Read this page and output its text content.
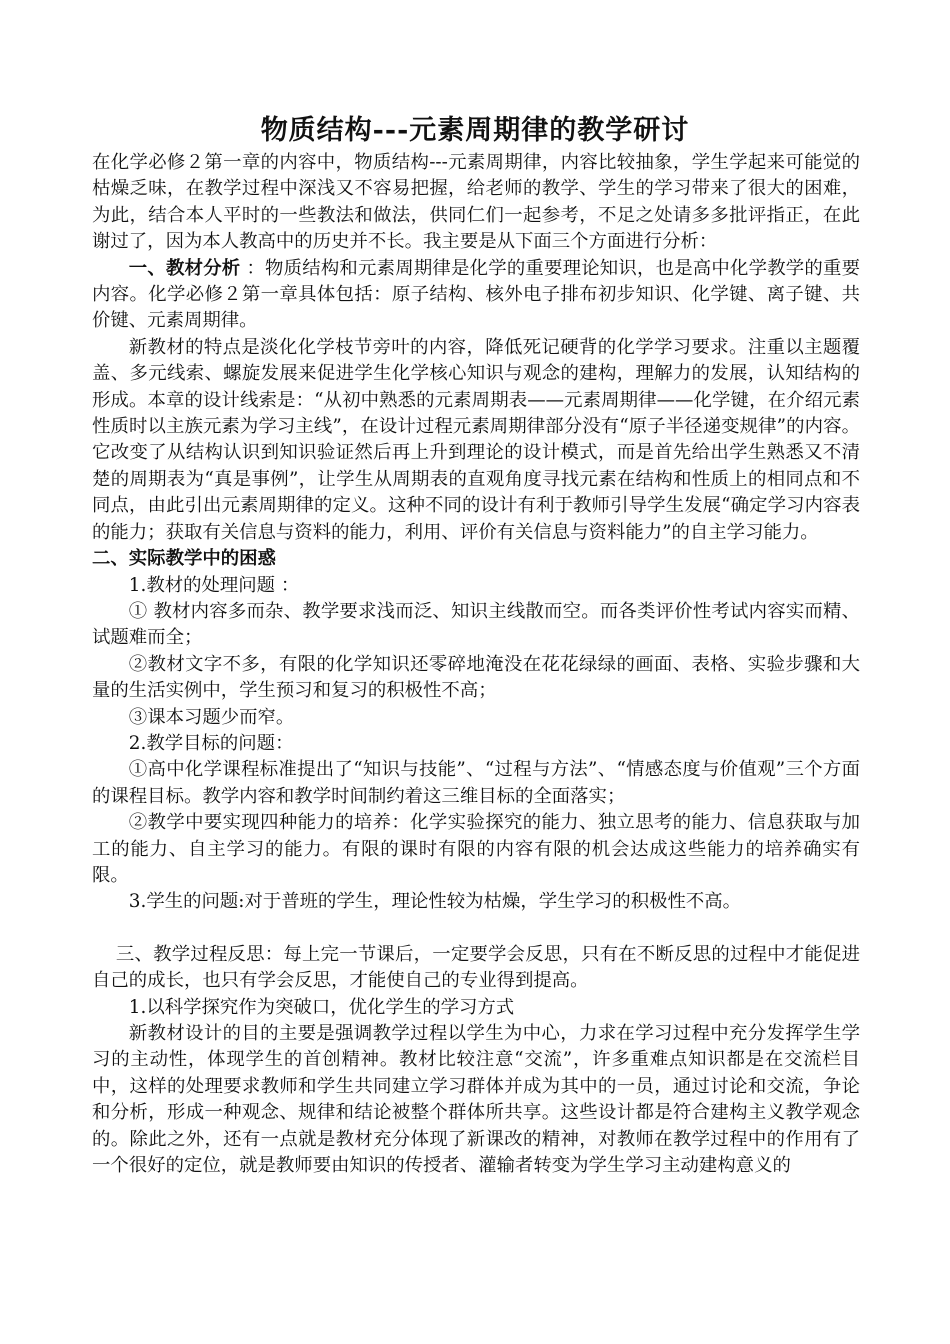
物质结构---元素周期律的教学研讨

在化学必修２第一章的内容中，物质结构---元素周期律，内容比较抽象，学生学起来可能觉的枯燥乏味，在教学过程中深浅又不容易把握，给老师的教学、学生的学习带来了很大的困难，为此，结合本人平时的一些教法和做法，供同仁们一起参考，不足之处请多多批评指正，在此谢过了，因为本人教高中的历史并不长。我主要是从下面三个方面进行分析：

一、教材分析 ：物质结构和元素周期律是化学的重要理论知识，也是高中化学教学的重要内容。化学必修２第一章具体包括：原子结构、核外电子排布初步知识、化学键、离子键、共价键、元素周期律。

新教材的特点是淡化化学枝节旁叶的内容，降低死记硬背的化学学习要求。注重以主题覆盖、多元线索、螺旋发展来促进学生化学核心知识与观念的建构，理解力的发展，认知结构的形成。本章的设计线索是：“从初中熟悉的元素周期表——元素周期律——化学键，在介绍元素性质时以主族元素为学习主线”，在设计过程元素周期律部分没有“原子半径递变规律”的内容。它改变了从结构认识到知识验证然后再上升到理论的设计模式，而是首先给出学生熟悉又不清楚的周期表为“真是事例”，让学生从周期表的直观角度寻找元素在结构和性质上的相同点和不同点，由此引出元素周期律的定义。这种不同的设计有利于教师引导学生发展“确定学习内容表的能力；获取有关信息与资料的能力，利用、评价有关信息与资料能力”的自主学习能力。

二、实际教学中的困惑

1.教材的处理问题 ：

① 教材内容多而杂、教学要求浅而泛、知识主线散而空。而各类评价性考试内容实而精、试题难而全；

②教材文字不多，有限的化学知识还零碎地淹没在花花绿绿的画面、表格、实验步骤和大量的生活实例中，学生预习和复习的积极性不高；

③课本习题少而窄。

2.教学目标的问题：

①高中化学课程标准提出了“知识与技能”、“过程与方法”、“情感态度与价值观”三个方面的课程目标。教学内容和教学时间制约着这三维目标的全面落实；

②教学中要实现四种能力的培养：化学实验探究的能力、独立思考的能力、信息获取与加工的能力、自主学习的能力。有限的课时有限的内容有限的机会达成这些能力的培养确实有限。

3.学生的问题:对于普班的学生，理论性较为枯燥，学生学习的积极性不高。

三、教学过程反思：每上完一节课后，一定要学会反思，只有在不断反思的过程中才能促进自己的成长，也只有学会反思，才能使自己的专业得到提高。

1.以科学探究作为突破口，优化学生的学习方式

新教材设计的目的主要是强调教学过程以学生为中心，力求在学习过程中充分发挥学生学习的主动性，体现学生的首创精神。教材比较注意“交流”，许多重难点知识都是在交流栏目中，这样的处理要求教师和学生共同建立学习群体并成为其中的一员，通过讨论和交流，争论和分析，形成一种观念、规律和结论被整个群体所共享。这些设计都是符合建构主义教学观念的。除此之外，还有一点就是教材充分体现了新课改的精神，对教师在教学过程中的作用有了一个很好的定位，就是教师要由知识的传授者、灌输者转变为学生学习主动建构意义的
